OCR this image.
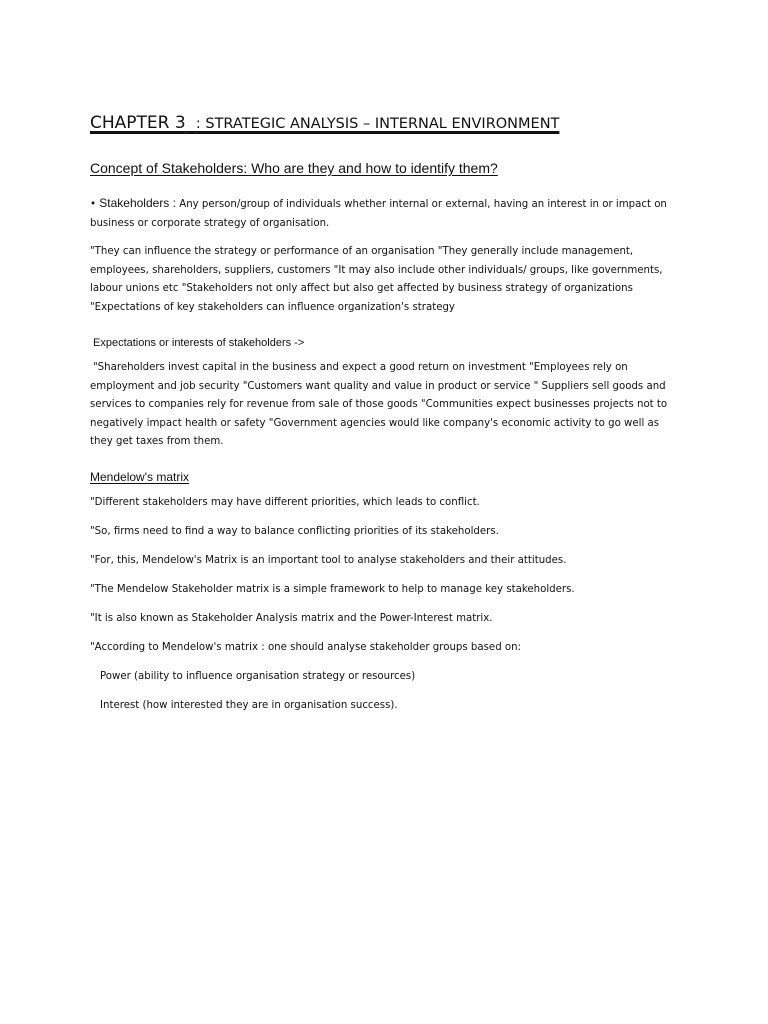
CHAPTER 3 : STRATEGIC ANALYSIS – INTERNAL ENVIRONMENT
Concept of Stakeholders: Who are they and how to identify them?

• Stakeholders : Any person/group of individuals whether internal or external, having an interest in or impact on business or corporate strategy of organisation.

"They can influence the strategy or performance of an organisation "They generally include management, employees, shareholders, suppliers, customers "It may also include other individuals/ groups, like governments, labour unions etc "Stakeholders not only affect but also get affected by business strategy of organizations "Expectations of key stakeholders can influence organization's strategy

Expectations or interests of stakeholders ->

"Shareholders invest capital in the business and expect a good return on investment "Employees rely on employment and job security "Customers want quality and value in product or service " Suppliers sell goods and services to companies rely for revenue from sale of those goods "Communities expect businesses projects not to negatively impact health or safety "Government agencies would like company's economic activity to go well as they get taxes from them.

Mendelow's matrix

"Different stakeholders may have different priorities, which leads to conflict.

"So, firms need to find a way to balance conflicting priorities of its stakeholders.

"For, this, Mendelow's Matrix is an important tool to analyse stakeholders and their attitudes.

"The Mendelow Stakeholder matrix is a simple framework to help to manage key stakeholders.

"It is also known as Stakeholder Analysis matrix and the Power-Interest matrix.

"According to Mendelow's matrix : one should analyse stakeholder groups based on:

Power (ability to influence organisation strategy or resources)

Interest (how interested they are in organisation success).
